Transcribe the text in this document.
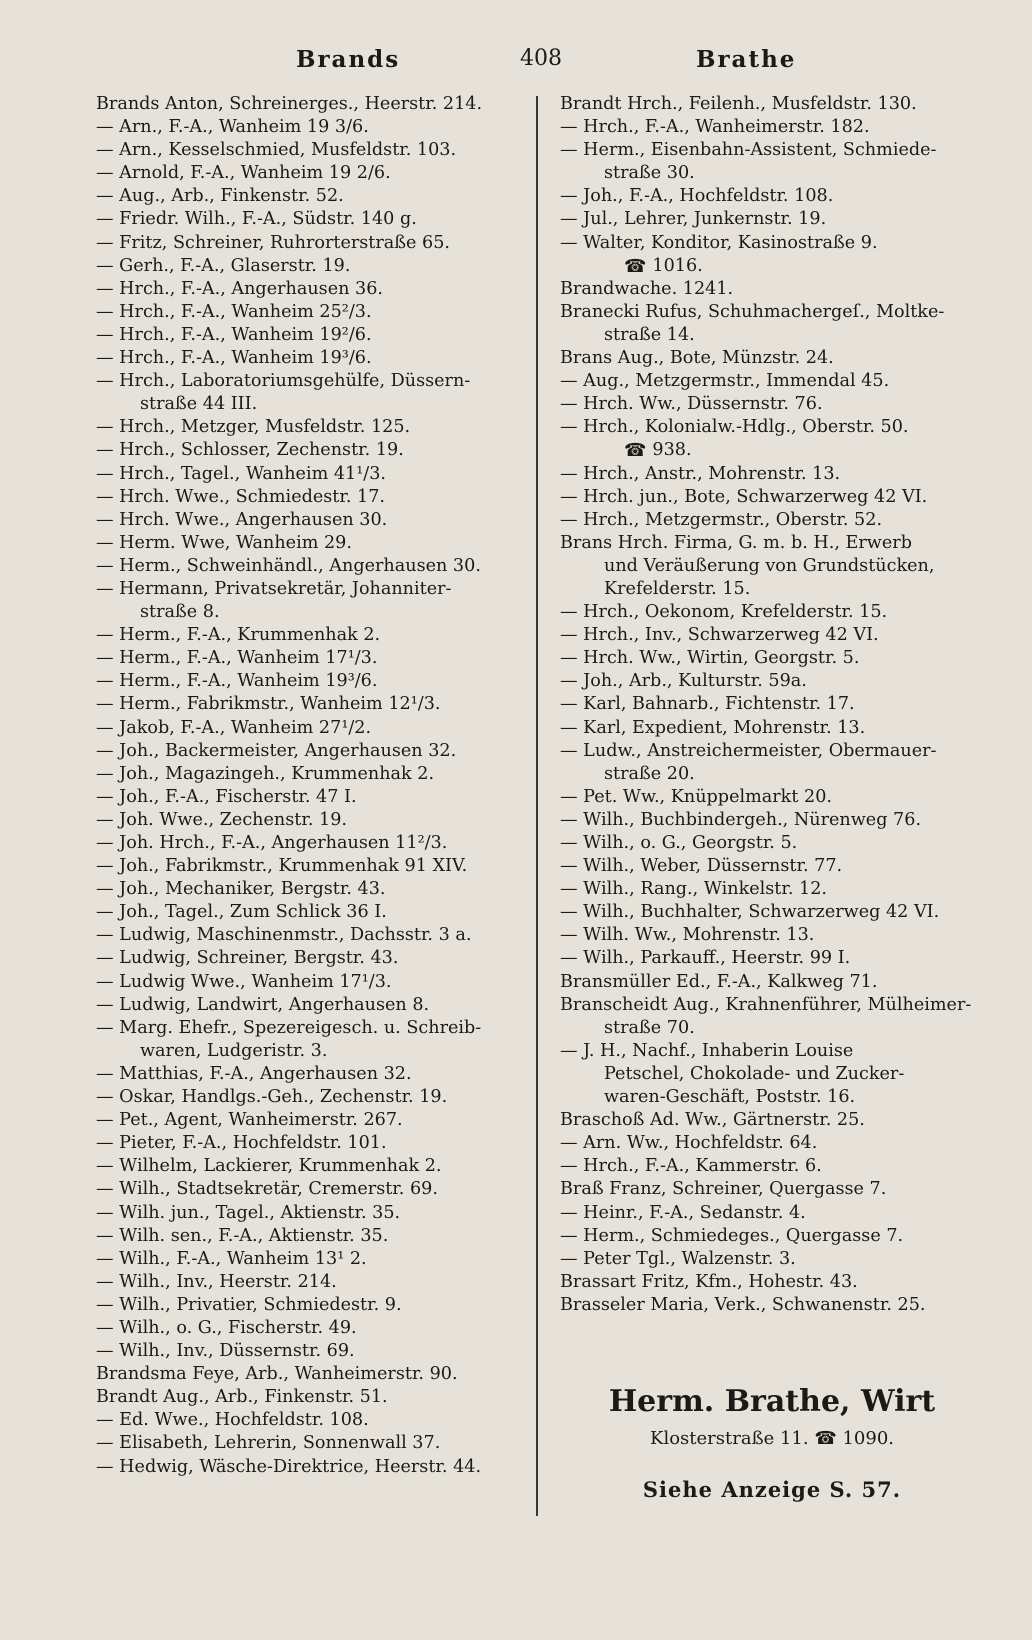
Brands	408	Brathe
Brands Anton, Schreinerges., Heerstr. 214.
— Arn., F.-A., Wanheim 19 3/6.
— Arn., Kesselschmied, Musfeldstr. 103.
— Arnold, F.-A., Wanheim 19 2/6.
— Aug., Arb., Finkenstr. 52.
— Friedr. Wilh., F.-A., Südstr. 140 g.
— Fritz, Schreiner, Ruhrorterstraße 65.
— Gerh., F.-A., Glaserstr. 19.
— Hrch., F.-A., Angerhausen 36.
— Hrch., F.-A., Wanheim 25²/3.
— Hrch., F.-A., Wanheim 19²/6.
— Hrch., F.-A., Wanheim 19³/6.
— Hrch., Laboratoriumsgehülfe, Düssern-
straße 44 III.
— Hrch., Metzger, Musfeldstr. 125.
— Hrch., Schlosser, Zechenstr. 19.
— Hrch., Tagel., Wanheim 41¹/3.
— Hrch. Wwe., Schmiedestr. 17.
— Hrch. Wwe., Angerhausen 30.
— Herm. Wwe, Wanheim 29.
— Herm., Schweinhändl., Angerhausen 30.
— Hermann, Privatsekretär, Johanniter-
straße 8.
— Herm., F.-A., Krummenhak 2.
— Herm., F.-A., Wanheim 17¹/3.
— Herm., F.-A., Wanheim 19³/6.
— Herm., Fabrikmstr., Wanheim 12¹/3.
— Jakob, F.-A., Wanheim 27¹/2.
— Joh., Backermeister, Angerhausen 32.
— Joh., Magazingeh., Krummenhak 2.
— Joh., F.-A., Fischerstr. 47 I.
— Joh. Wwe., Zechenstr. 19.
— Joh. Hrch., F.-A., Angerhausen 11²/3.
— Joh., Fabrikmstr., Krummenhak 91 XIV.
— Joh., Mechaniker, Bergstr. 43.
— Joh., Tagel., Zum Schlick 36 I.
— Ludwig, Maschinenmstr., Dachsstr. 3 a.
— Ludwig, Schreiner, Bergstr. 43.
— Ludwig Wwe., Wanheim 17¹/3.
— Ludwig, Landwirt, Angerhausen 8.
— Marg. Ehefr., Spezereigesch. u. Schreib-
waren, Ludgeristr. 3.
— Matthias, F.-A., Angerhausen 32.
— Oskar, Handlgs.-Geh., Zechenstr. 19.
— Pet., Agent, Wanheimerstr. 267.
— Pieter, F.-A., Hochfeldstr. 101.
— Wilhelm, Lackierer, Krummenhak 2.
— Wilh., Stadtsekretär, Cremerstr. 69.
— Wilh. jun., Tagel., Aktienstr. 35.
— Wilh. sen., F.-A., Aktienstr. 35.
— Wilh., F.-A., Wanheim 13¹ 2.
— Wilh., Inv., Heerstr. 214.
— Wilh., Privatier, Schmiedestr. 9.
— Wilh., o. G., Fischerstr. 49.
— Wilh., Inv., Düssernstr. 69.
Brandsma Feye, Arb., Wanheimerstr. 90.
Brandt Aug., Arb., Finkenstr. 51.
— Ed. Wwe., Hochfeldstr. 108.
— Elisabeth, Lehrerin, Sonnenwall 37.
— Hedwig, Wäsche-Direktrice, Heerstr. 44.
Brandt Hrch., Feilenh., Musfeldstr. 130.
— Hrch., F.-A., Wanheimerstr. 182.
— Herm., Eisenbahn-Assistent, Schmiede-
straße 30.
— Joh., F.-A., Hochfeldstr. 108.
— Jul., Lehrer, Junkernstr. 19.
— Walter, Konditor, Kasinostraße 9.
☎ 1016.
Brandwache. 1241.
Branecki Rufus, Schuhmachergeſ., Moltke-
straße 14.
Brans Aug., Bote, Münzstr. 24.
— Aug., Metzgermstr., Immendal 45.
— Hrch. Ww., Düssernstr. 76.
— Hrch., Kolonialw.-Hdlg., Oberstr. 50.
☎ 938.
— Hrch., Anstr., Mohrenstr. 13.
— Hrch. jun., Bote, Schwarzerweg 42 VI.
— Hrch., Metzgermstr., Oberstr. 52.
Brans Hrch. Firma, G. m. b. H., Erwerb
und Veräußerung von Grundstücken,
Krefelderstr. 15.
— Hrch., Oekonom, Krefelderstr. 15.
— Hrch., Inv., Schwarzerweg 42 VI.
— Hrch. Ww., Wirtin, Georgstr. 5.
— Joh., Arb., Kulturstr. 59a.
— Karl, Bahnarb., Fichtenstr. 17.
— Karl, Expedient, Mohrenstr. 13.
— Ludw., Anstreichermeister, Obermauer-
straße 20.
— Pet. Ww., Knüppelmarkt 20.
— Wilh., Buchbindergeh., Nürenweg 76.
— Wilh., o. G., Georgstr. 5.
— Wilh., Weber, Düssernstr. 77.
— Wilh., Rang., Winkelstr. 12.
— Wilh., Buchhalter, Schwarzerweg 42 VI.
— Wilh. Ww., Mohrenstr. 13.
— Wilh., Parkauff., Heerstr. 99 I.
Bransmüller Ed., F.-A., Kalkweg 71.
Branscheidt Aug., Krahnenführer, Mülheimer-
straße 70.
— J. H., Nachf., Inhaberin Louise
Petschel, Chokolade- und Zucker-
waren-Geschäft, Poststr. 16.
Braschoß Ad. Ww., Gärtnerstr. 25.
— Arn. Ww., Hochfeldstr. 64.
— Hrch., F.-A., Kammerstr. 6.
Braß Franz, Schreiner, Quergasse 7.
— Heinr., F.-A., Sedanstr. 4.
— Herm., Schmiedeges., Quergasse 7.
— Peter Tgl., Walzenstr. 3.
Brassart Fritz, Kfm., Hohestr. 43.
Brasseler Maria, Verk., Schwanenstr. 25.
Herm. Brathe, Wirt
Klosterstraße 11. ☎ 1090.
Siehe Anzeige S. 57.
